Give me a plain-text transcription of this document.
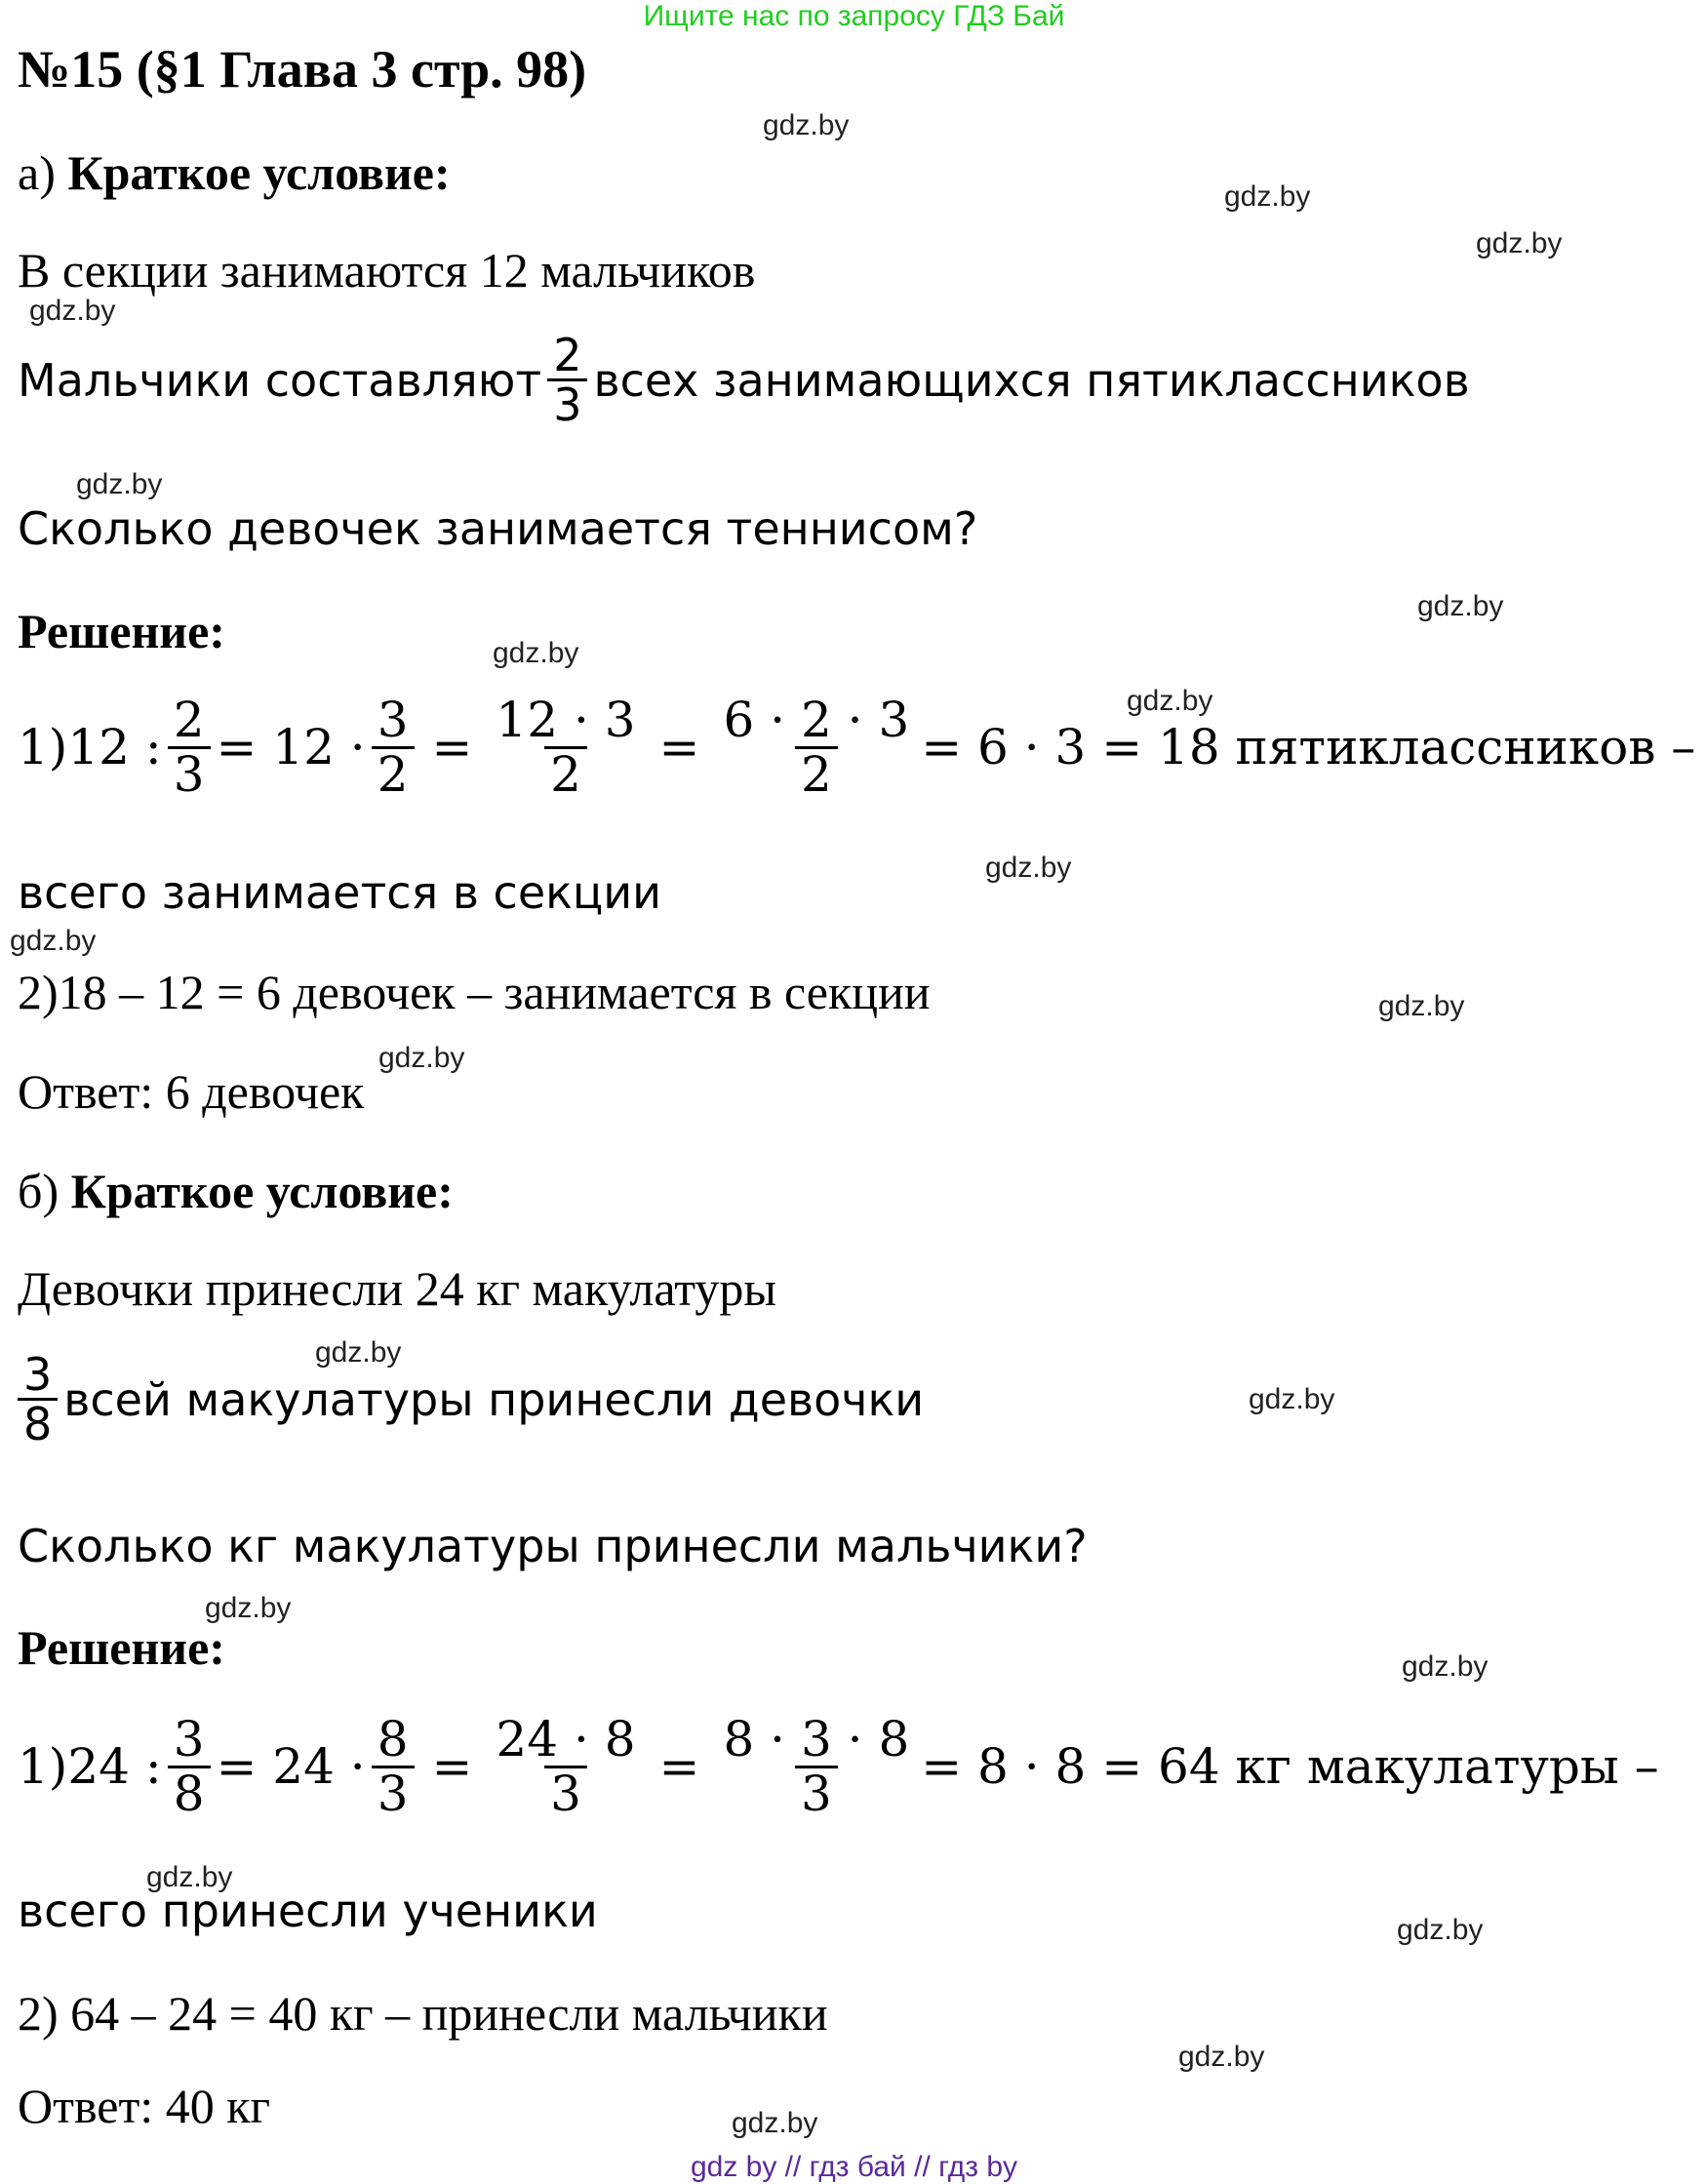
Ищите нас по запросу ГДЗ Бай
№15 (§1 Глава 3 стр. 98)
gdz.by
gdz.by
gdz.by
gdz.by
gdz.by
gdz.by
gdz.by
gdz.by
gdz.by
gdz.by
gdz.by
gdz.by
gdz.by
gdz.by
gdz.by
gdz.by
gdz.by
gdz.by
gdz.by
gdz.by
а) Краткое условие:
В секции занимаются 12 мальчиков
Мальчики составляют $\frac{2}{3}$ всех занимающихся пятиклассников
Сколько девочек занимается теннисом?
Решение:
1)12 : $\frac{2}{3} = 12 \cdot \frac{3}{2} = \frac{12 \cdot 3}{2} = \frac{6 \cdot 2 \cdot 3}{2} = 6 \cdot 3 = 18$ пятиклассников –
всего занимается в секции
2)18 – 12 = 6 девочек – занимается в секции
Ответ: 6 девочек
б) Краткое условие:
Девочки принесли 24 кг макулатуры
$\frac{3}{8}$ всей макулатуры принесли девочки
Сколько кг макулатуры принесли мальчики?
Решение:
1)24 : $\frac{3}{8} = 24 \cdot \frac{8}{3} = \frac{24 \cdot 8}{3} = \frac{8 \cdot 3 \cdot 8}{3} = 8 \cdot 8 = 64$ кг макулатуры –
всего принесли ученики
2) 64 – 24 = 40 кг – принесли мальчики
Ответ: 40 кг
gdz by // гдз бай // гдз by
